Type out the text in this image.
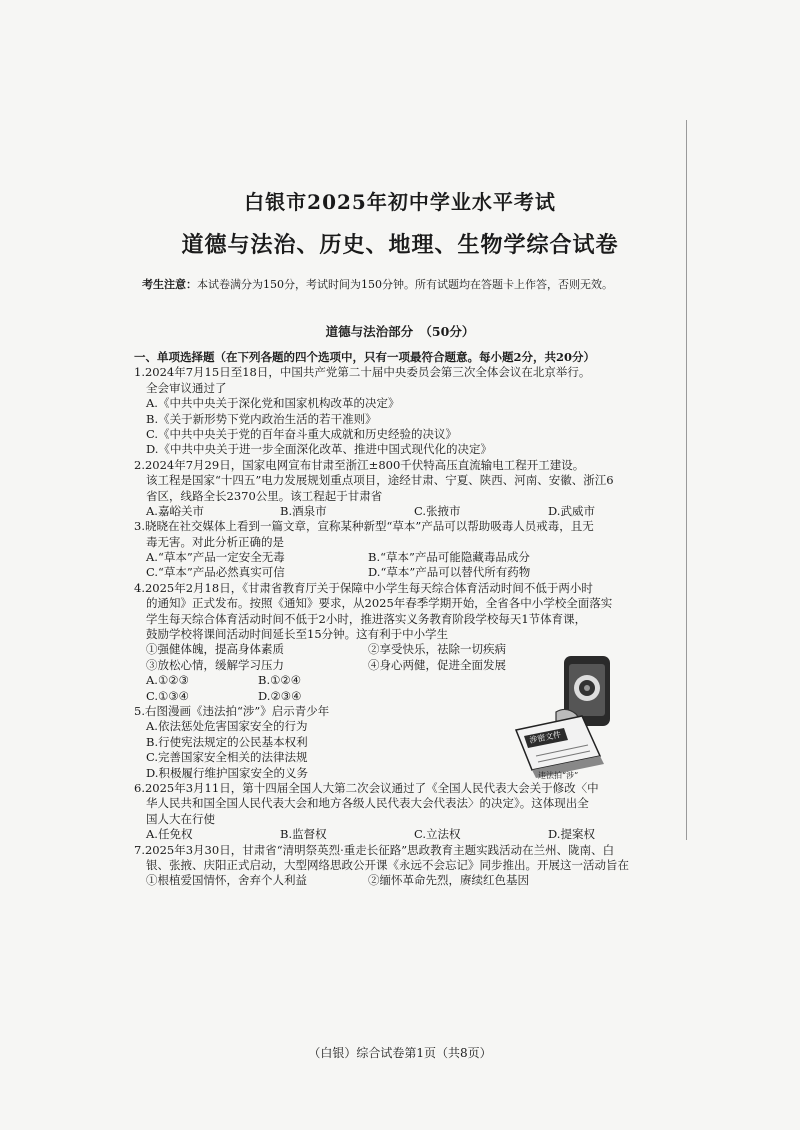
白银市2025年初中学业水平考试
道德与法治、历史、地理、生物学综合试卷
考生注意：本试卷满分为150分，考试时间为150分钟。所有试题均在答题卡上作答，否则无效。
道德与法治部分　（50分）
一、单项选择题（在下列各题的四个选项中，只有一项最符合题意。每小题2分，共20分）
1.2024年7月15日至18日，中国共产党第二十届中央委员会第三次全体会议在北京举行。
全会审议通过了
A.《中共中央关于深化党和国家机构改革的决定》
B.《关于新形势下党内政治生活的若干准则》
C.《中共中央关于党的百年奋斗重大成就和历史经验的决议》
D.《中共中央关于进一步全面深化改革、推进中国式现代化的决定》
2.2024年7月29日，国家电网宣布甘肃至浙江±800千伏特高压直流输电工程开工建设。
该工程是国家“十四五”电力发展规划重点项目，途经甘肃、宁夏、陕西、河南、安徽、浙江6
省区，线路全长2370公里。该工程起于甘肃省
A.嘉峪关市	B.酒泉市	C.张掖市	D.武威市
3.晓晓在社交媒体上看到一篇文章，宣称某种新型“草本”产品可以帮助吸毒人员戒毒，且无
毒无害。对此分析正确的是
A.“草本”产品一定安全无毒	B.“草本”产品可能隐藏毒品成分
C.“草本”产品必然真实可信	D.“草本”产品可以替代所有药物
4.2025年2月18日，《甘肃省教育厅关于保障中小学生每天综合体育活动时间不低于两小时
的通知》正式发布。按照《通知》要求，从2025年春季学期开始，全省各中小学校全面落实
学生每天综合体育活动时间不低于2小时，推进落实义务教育阶段学校每天1节体育课，
鼓励学校将课间活动时间延长至15分钟。这有利于中小学生
①强健体魄，提高身体素质	②享受快乐，祛除一切疾病
③放松心情，缓解学习压力	④身心两健，促进全面发展
A.①②③	B.①②④
C.①③④	D.②③④
5.右图漫画《违法拍“涉”》启示青少年
A.依法惩处危害国家安全的行为
B.行使宪法规定的公民基本权利
C.完善国家安全相关的法律法规
D.积极履行维护国家安全的义务
6.2025年3月11日，第十四届全国人大第二次会议通过了《全国人民代表大会关于修改〈中
华人民共和国全国人民代表大会和地方各级人民代表大会代表法〉的决定》。这体现出全
国人大在行使
A.任免权	B.监督权	C.立法权	D.提案权
7.2025年3月30日，甘肃省“清明祭英烈·重走长征路”思政教育主题实践活动在兰州、陇南、白
银、张掖、庆阳正式启动，大型网络思政公开课《永远不会忘记》同步推出。开展这一活动旨在
①根植爱国情怀，舍弃个人利益	②缅怀革命先烈，赓续红色基因
涉密文件
违法拍“涉”
（白银）综合试卷第1页（共8页）
